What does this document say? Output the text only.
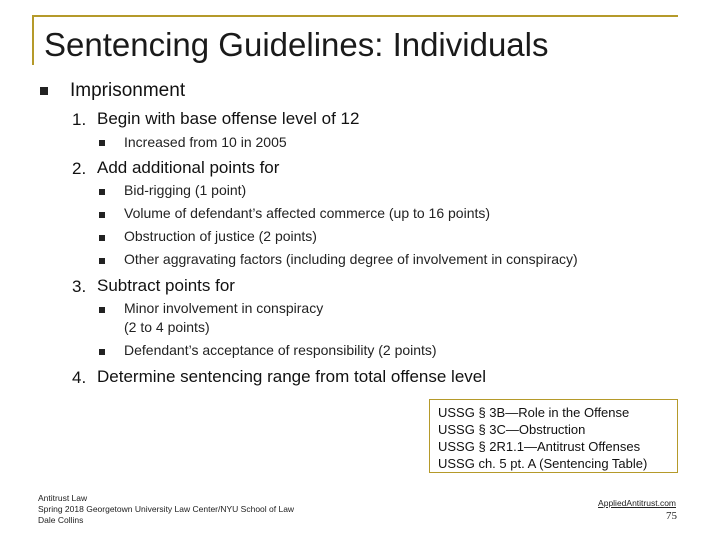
Sentencing Guidelines: Individuals
Imprisonment
1. Begin with base offense level of 12
Increased from 10 in 2005
2. Add additional points for
Bid-rigging (1 point)
Volume of defendant’s affected commerce (up to 16 points)
Obstruction of justice (2 points)
Other aggravating factors (including degree of involvement in conspiracy)
3. Subtract points for
Minor involvement in conspiracy
(2 to 4 points)
Defendant’s acceptance of responsibility (2 points)
4. Determine sentencing range from total offense level
USSG § 3B—Role in the Offense
USSG § 3C—Obstruction
USSG § 2R1.1—Antitrust Offenses
USSG ch. 5 pt. A (Sentencing Table)
Antitrust Law
Spring 2018 Georgetown University Law Center/NYU School of Law
Dale Collins
AppliedAntitrust.com
75
